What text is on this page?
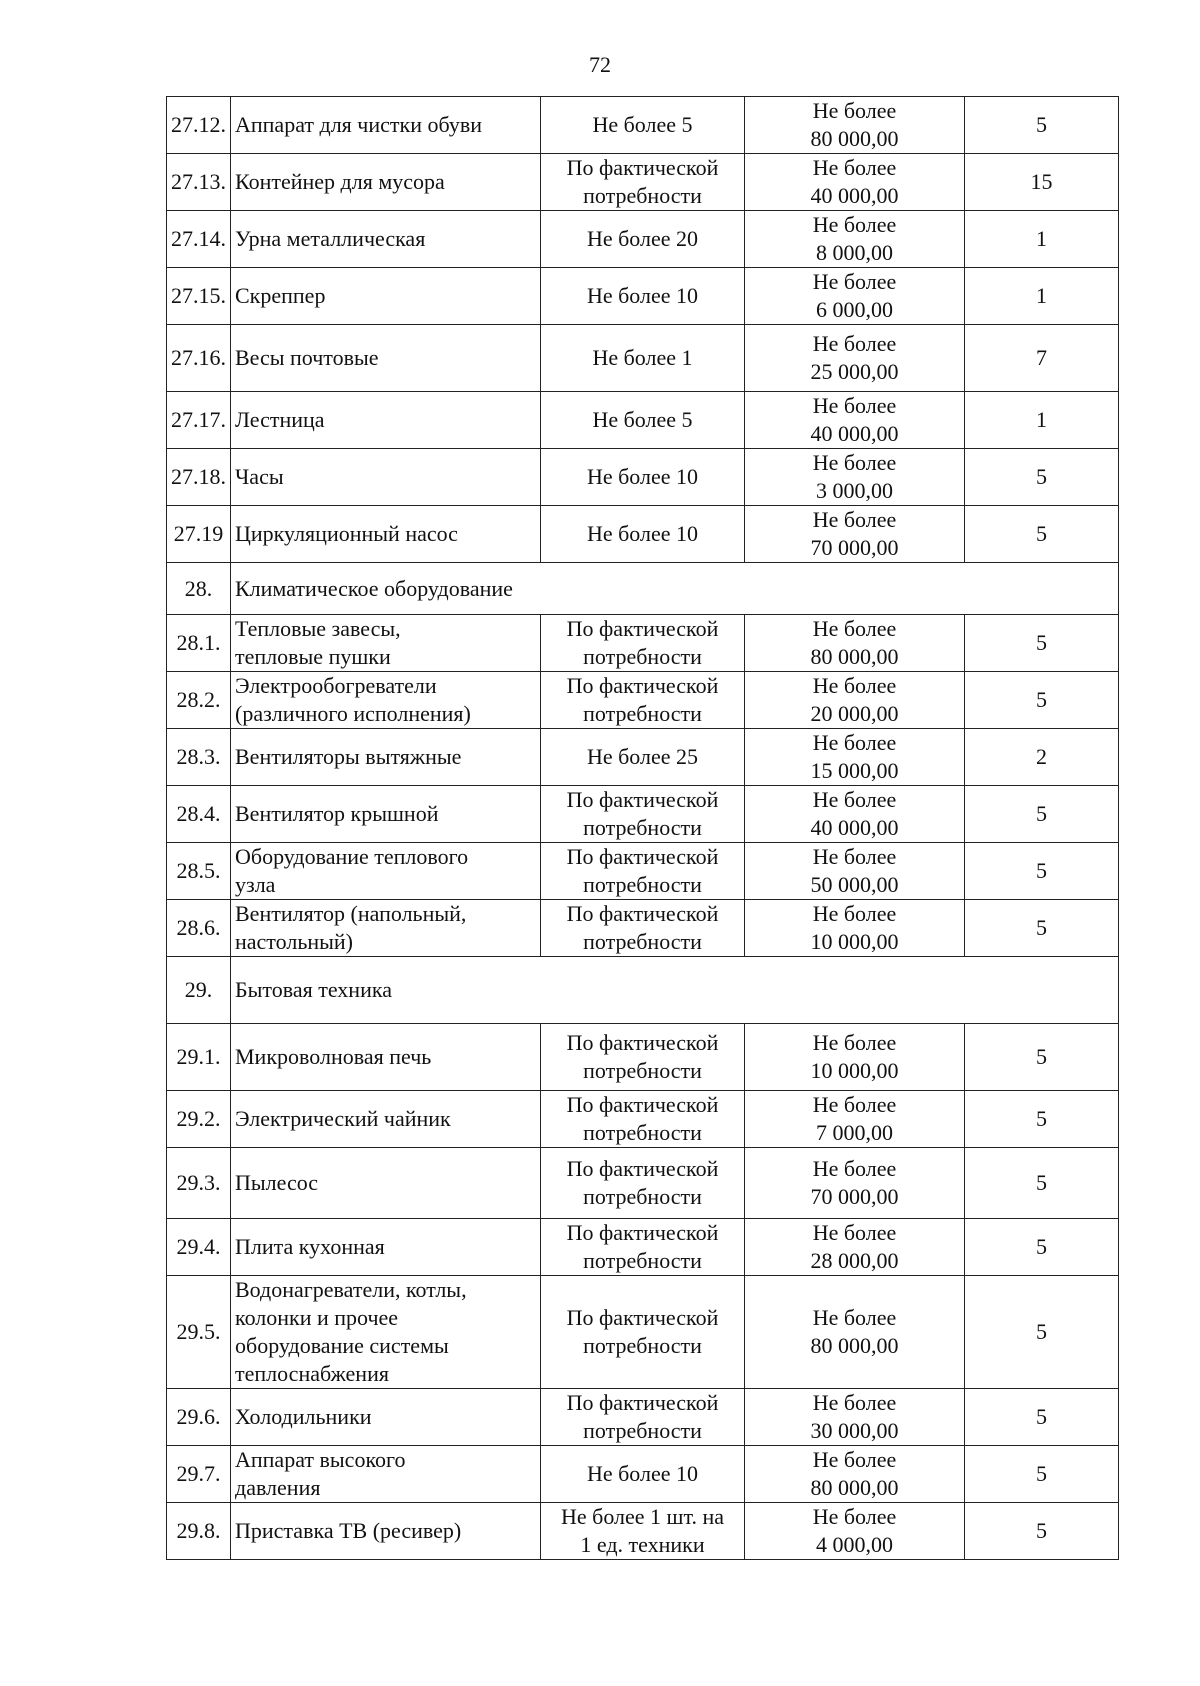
72
27.12.	Аппарат для чистки обуви	Не более 5	Не более
80 000,00	5
27.13.	Контейнер для мусора	По фактической
потребности	Не более
40 000,00	15
27.14.	Урна металлическая	Не более 20	Не более
8 000,00	1
27.15.	Скреппер	Не более 10	Не более
6 000,00	1
27.16.	Весы почтовые	Не более 1	Не более
25 000,00	7
27.17.	Лестница	Не более 5	Не более
40 000,00	1
27.18.	Часы	Не более 10	Не более
3 000,00	5
27.19	Циркуляционный насос	Не более 10	Не более
70 000,00	5
28.	Климатическое оборудование			
28.1.	Тепловые завесы,
тепловые пушки	По фактической
потребности	Не более
80 000,00	5
28.2.	Электрообогреватели
(различного исполнения)	По фактической
потребности	Не более
20 000,00	5
28.3.	Вентиляторы вытяжные	Не более 25	Не более
15 000,00	2
28.4.	Вентилятор крышной	По фактической
потребности	Не более
40 000,00	5
28.5.	Оборудование теплового
узла	По фактической
потребности	Не более
50 000,00	5
28.6.	Вентилятор (напольный,
настольный)	По фактической
потребности	Не более
10 000,00	5
29.	Бытовая техника			
29.1.	Микроволновая печь	По фактической
потребности	Не более
10 000,00	5
29.2.	Электрический чайник	По фактической
потребности	Не более
7 000,00	5
29.3.	Пылесос	По фактической
потребности	Не более
70 000,00	5
29.4.	Плита кухонная	По фактической
потребности	Не более
28 000,00	5
29.5.	Водонагреватели, котлы,
колонки и прочее
оборудование системы
теплоснабжения	По фактической
потребности	Не более
80 000,00	5
29.6.	Холодильники	По фактической
потребности	Не более
30 000,00	5
29.7.	Аппарат высокого
давления	Не более 10	Не более
80 000,00	5
29.8.	Приставка ТВ (ресивер)	Не более 1 шт. на
1 ед. техники	Не более
4 000,00	5
